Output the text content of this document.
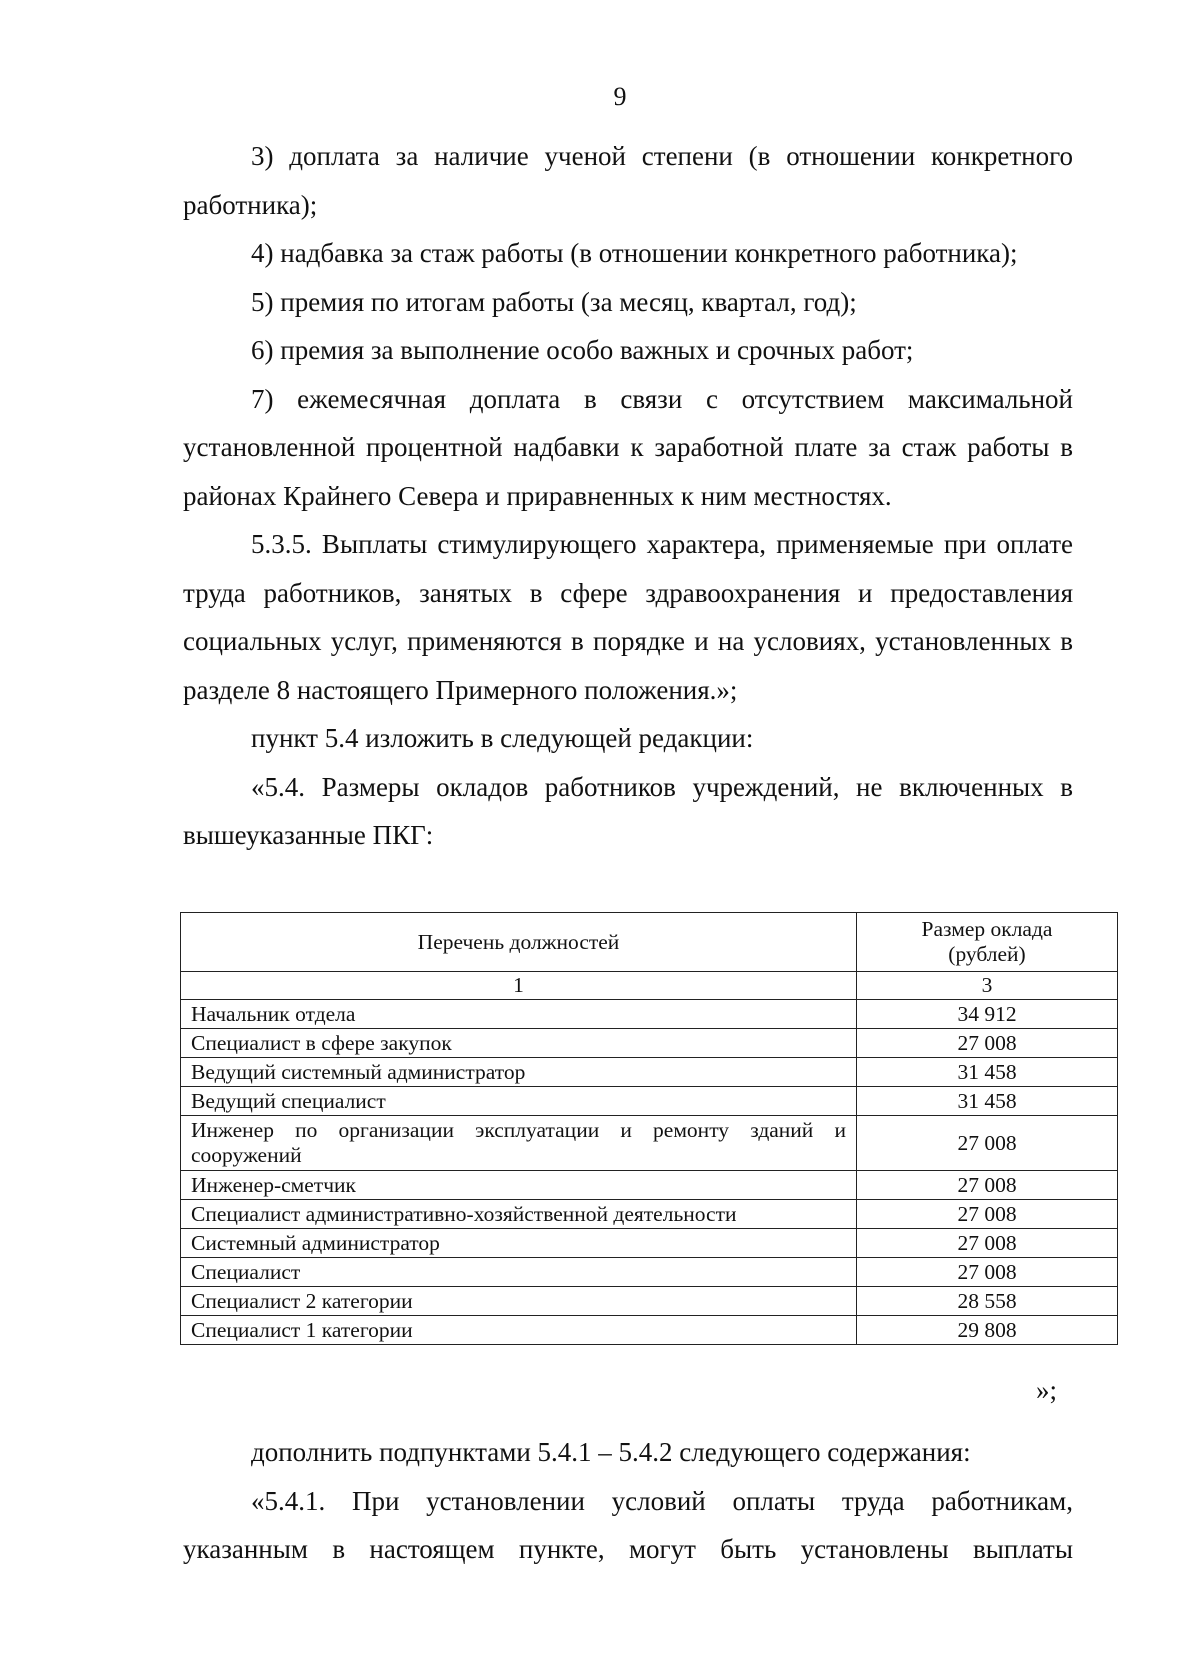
9

3) доплата за наличие ученой степени (в отношении конкретного работника);

4) надбавка за стаж работы (в отношении конкретного работника);

5) премия по итогам работы (за месяц, квартал, год);

6) премия за выполнение особо важных и срочных работ;

7) ежемесячная доплата в связи с отсутствием максимальной установленной процентной надбавки к заработной плате за стаж работы в районах Крайнего Севера и приравненных к ним местностях.

5.3.5. Выплаты стимулирующего характера, применяемые при оплате труда работников, занятых в сфере здравоохранения и предоставления социальных услуг, применяются в порядке и на условиях, установленных в разделе 8 настоящего Примерного положения.»;

пункт 5.4 изложить в следующей редакции:

«5.4. Размеры окладов работников учреждений, не включенных в вышеуказанные ПКГ:

Перечень должностей	Размер оклада
(рублей)

1	3
Начальник отдела	34 912
Специалист в сфере закупок	27 008
Ведущий системный администратор	31 458
Ведущий специалист	31 458
Инженер по организации эксплуатации и ремонту зданий и сооружений	27 008
Инженер-сметчик	27 008
Специалист административно-хозяйственной деятельности	27 008
Системный администратор	27 008
Специалист	27 008
Специалист 2 категории	28 558
Специалист 1 категории	29 808
»;

дополнить подпунктами 5.4.1 – 5.4.2 следующего содержания:

«5.4.1. При установлении условий оплаты труда работникам, указанным в настоящем пункте, могут быть установлены выплаты
